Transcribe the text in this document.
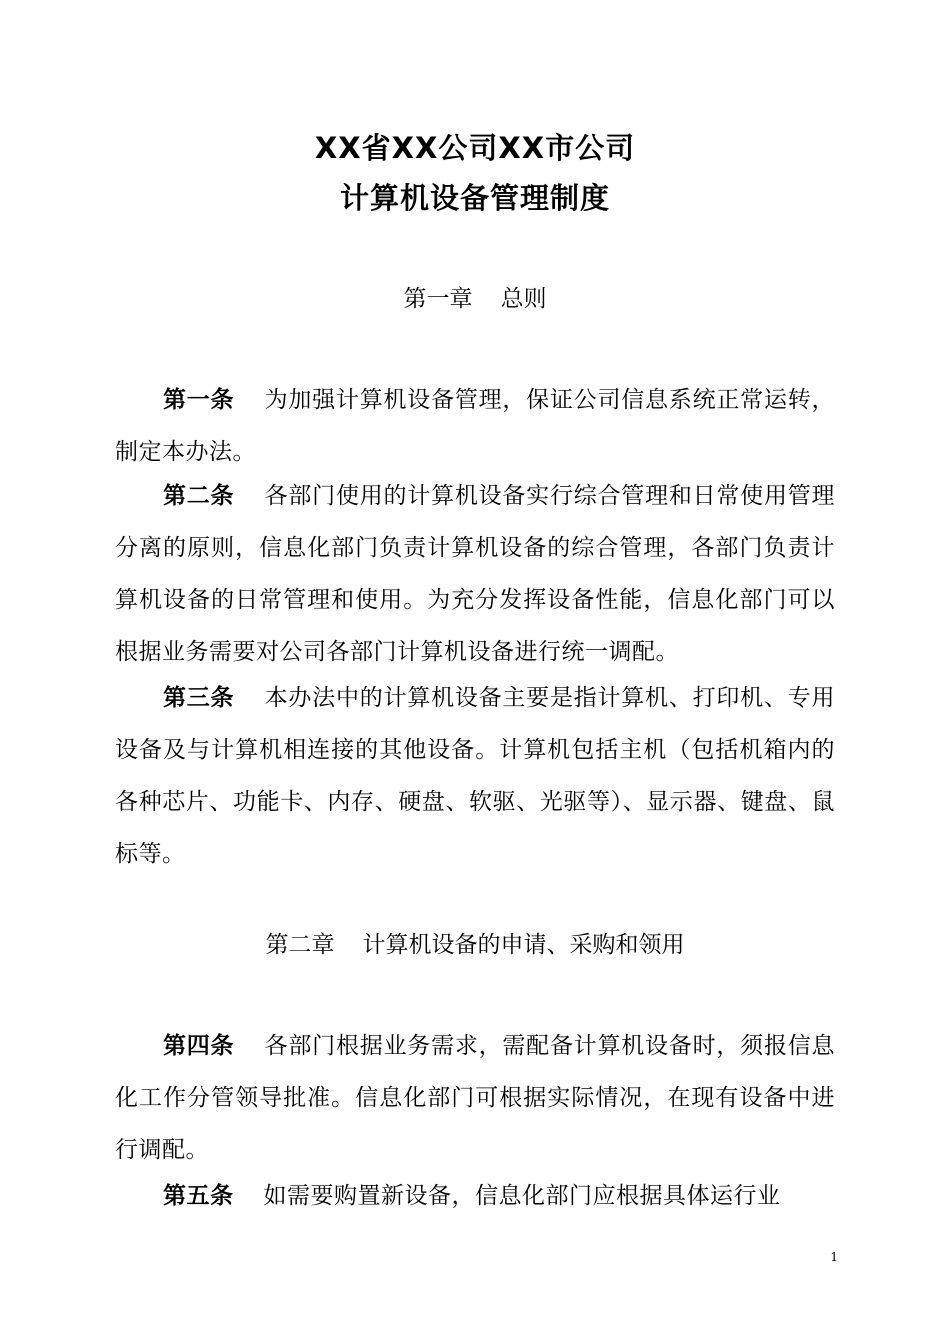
XX省XX公司XX市公司
计算机设备管理制度
第一章 总则
第一条 为加强计算机设备管理，保证公司信息系统正常运转，制定本办法。
第二条 各部门使用的计算机设备实行综合管理和日常使用管理分离的原则，信息化部门负责计算机设备的综合管理，各部门负责计算机设备的日常管理和使用。为充分发挥设备性能，信息化部门可以根据业务需要对公司各部门计算机设备进行统一调配。
第三条 本办法中的计算机设备主要是指计算机、打印机、专用设备及与计算机相连接的其他设备。计算机包括主机（包括机箱内的各种芯片、功能卡、内存、硬盘、软驱、光驱等）、显示器、键盘、鼠标等。
第二章 计算机设备的申请、采购和领用
第四条 各部门根据业务需求，需配备计算机设备时，须报信息化工作分管领导批准。信息化部门可根据实际情况，在现有设备中进行调配。
第五条 如需要购置新设备，信息化部门应根据具体运行业
1
